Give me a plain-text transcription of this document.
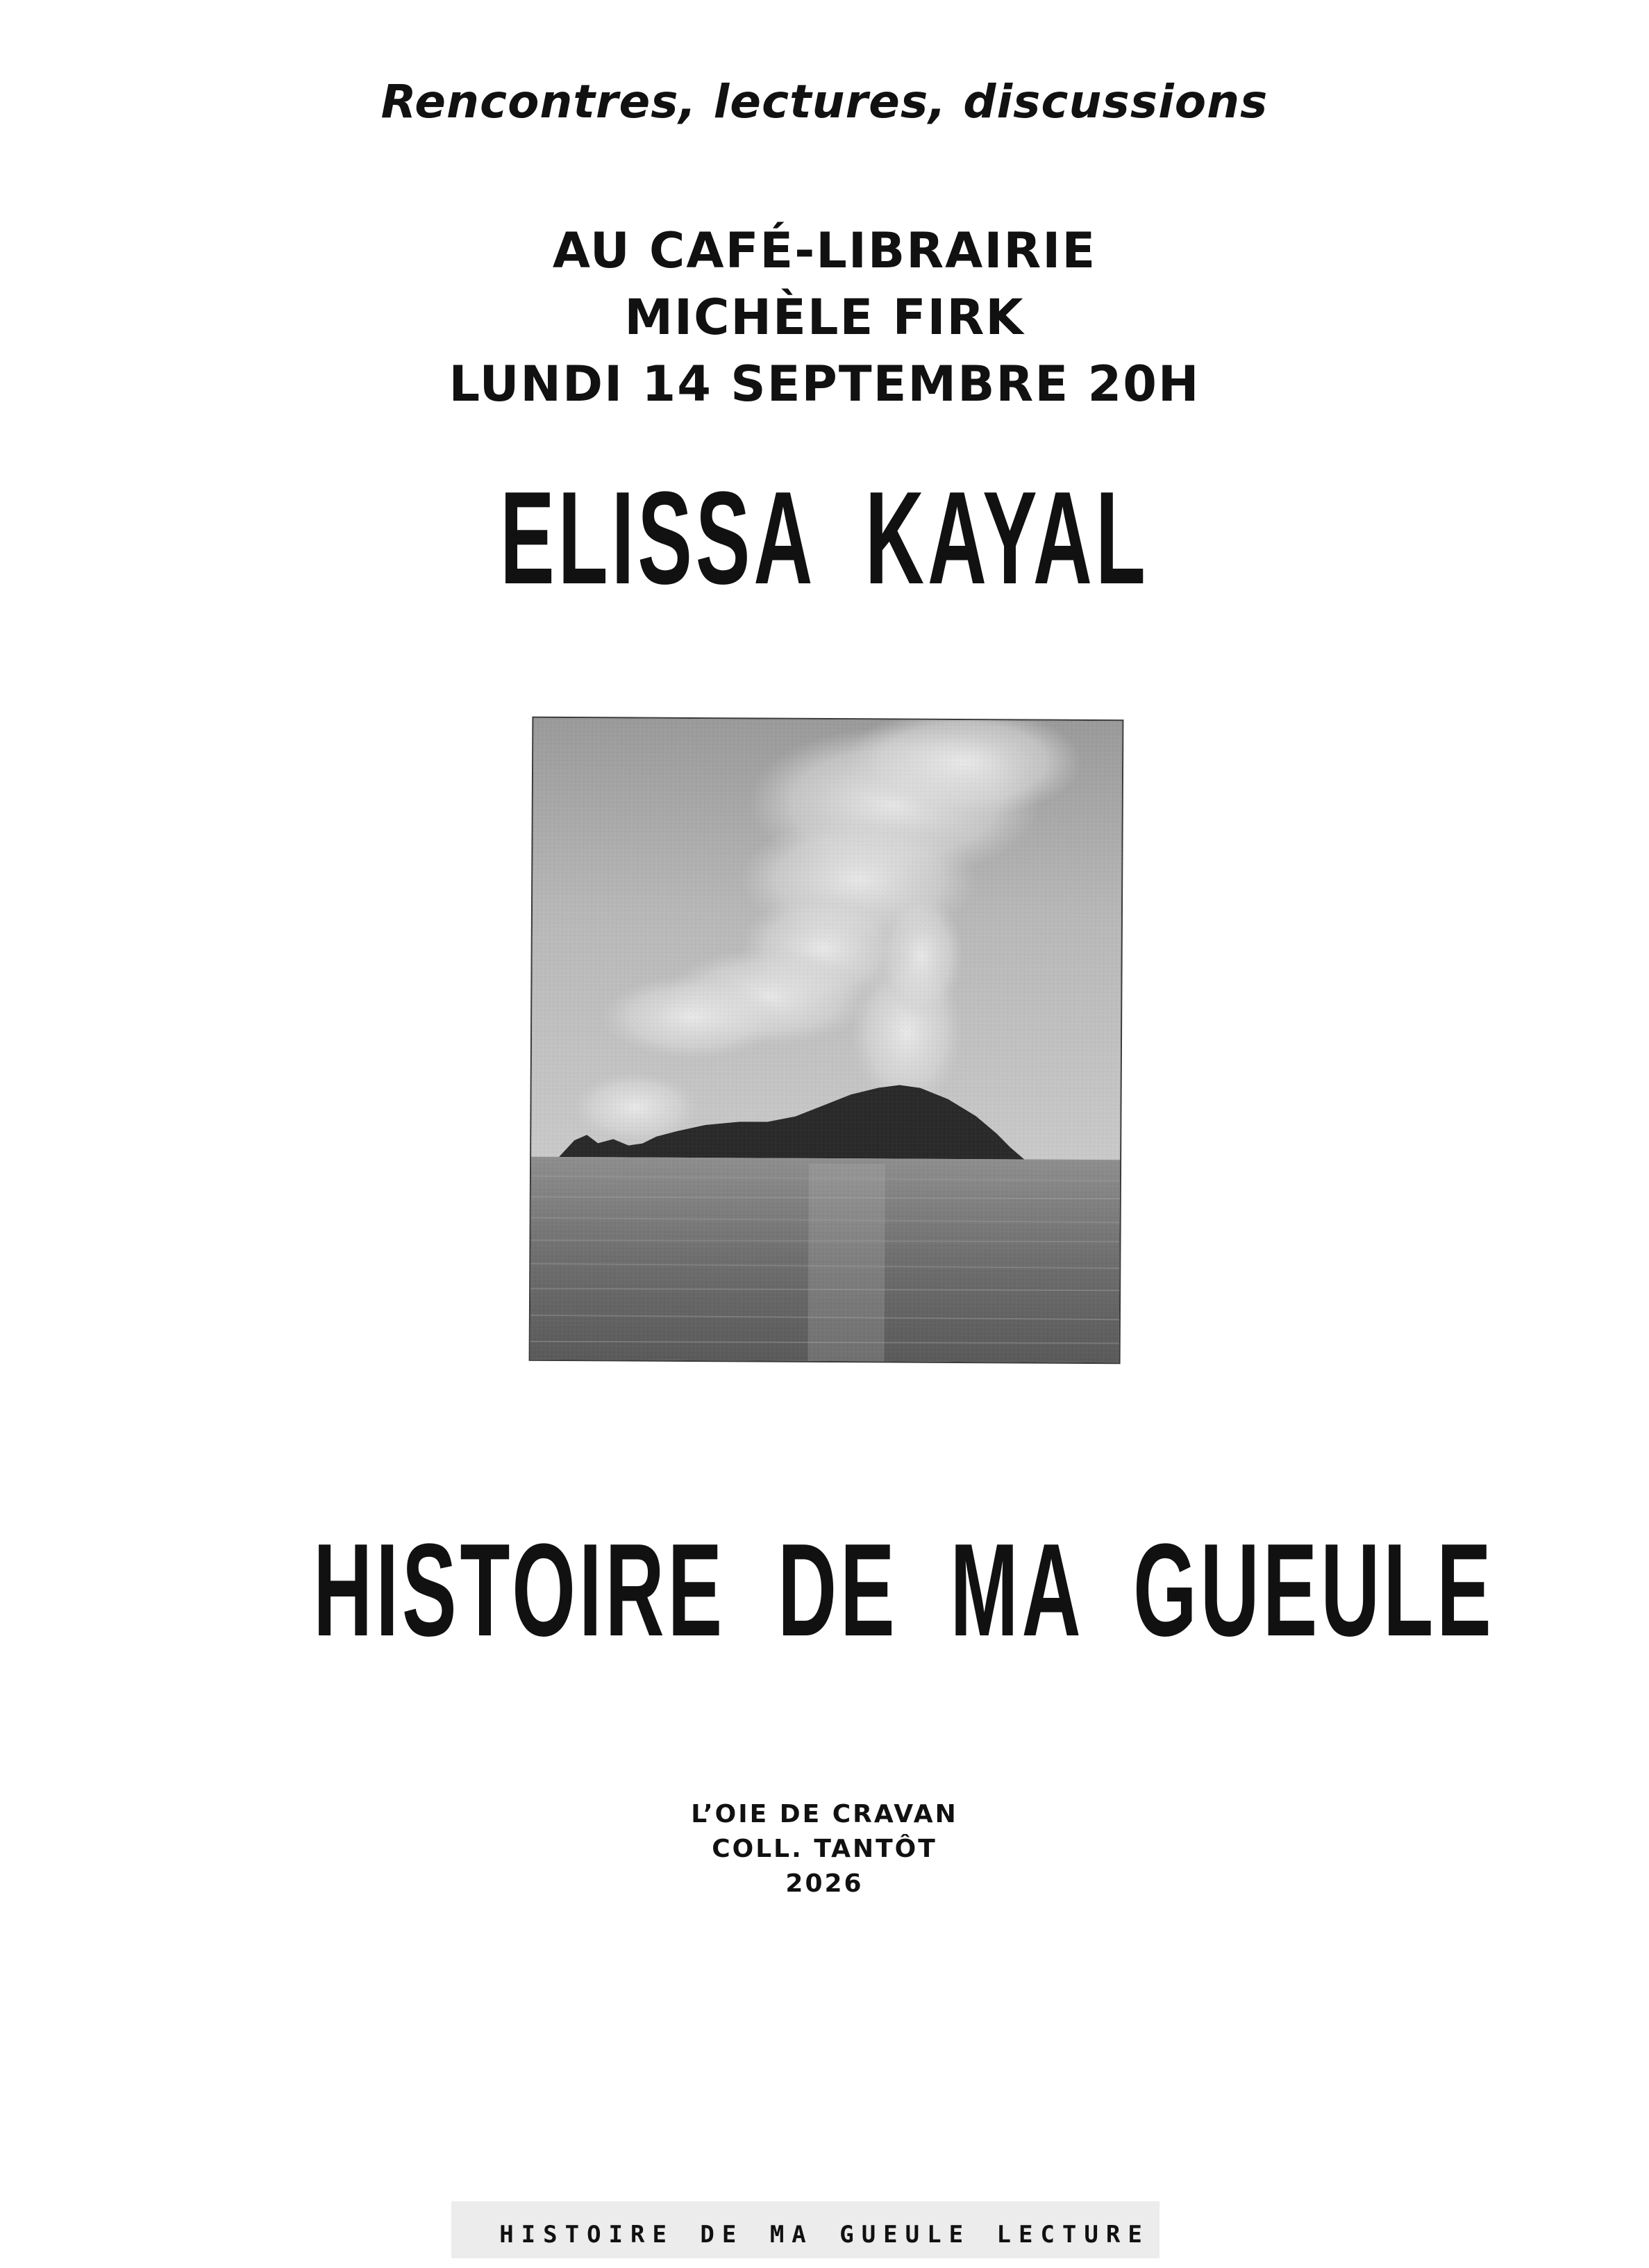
Rencontres, lectures, discussions
AU CAFÉ-LIBRAIRIE
MICHÈLE FIRK
LUNDI 14 SEPTEMBRE 20H
ELISSA KAYAL
HISTOIRE DE MA GUEULE
L’OIE DE CRAVAN
COLL. TANTÔT
2026
HISTOIRE DE MA GUEULE LECTURE
